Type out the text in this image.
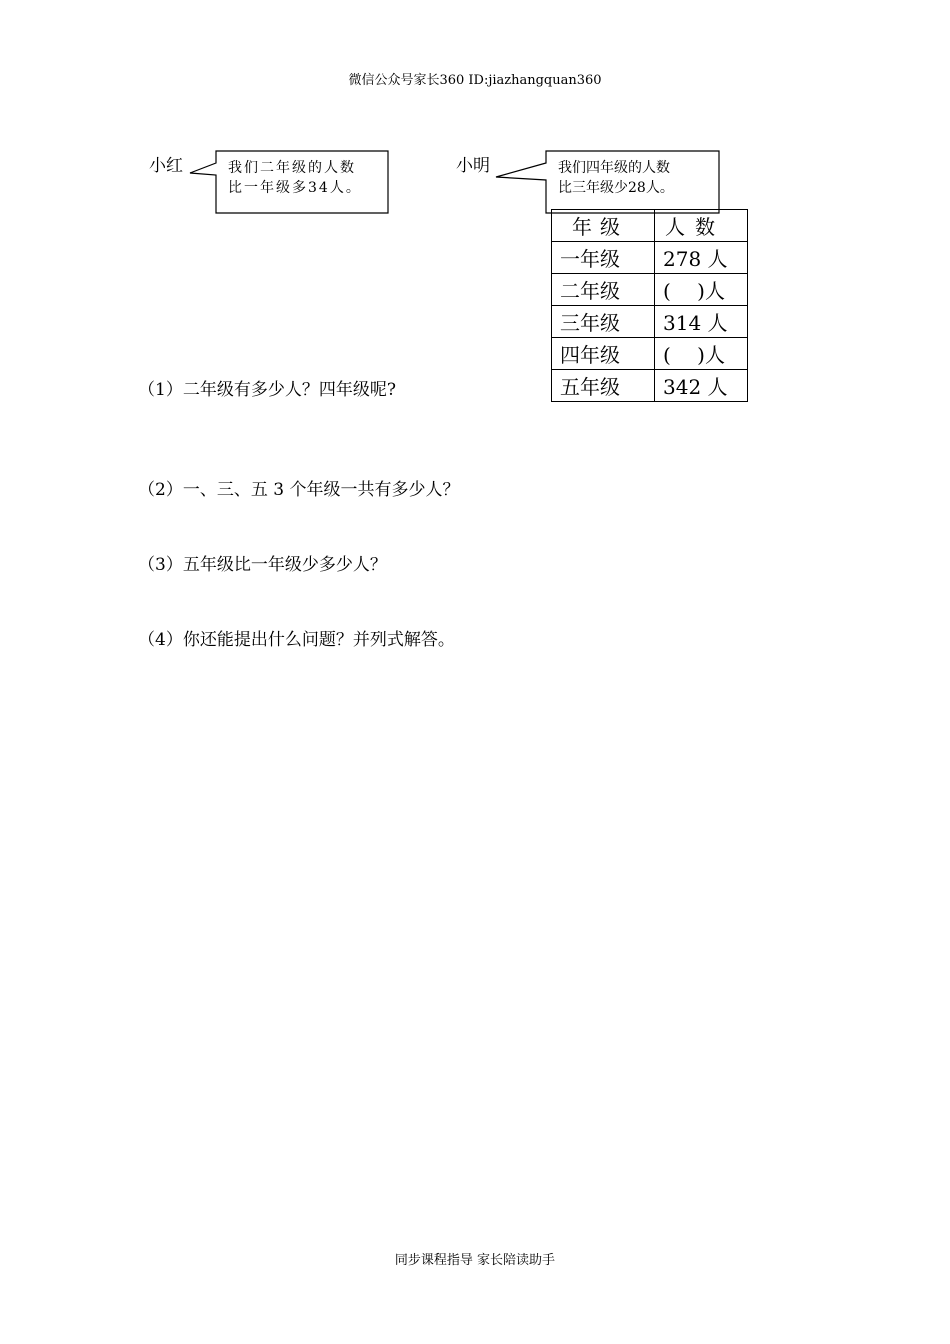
微信公众号家长360 ID:jiazhangquan360
小红	我们二年级的人数
比一年级多34人。
小明	我们四年级的人数
比三年级少28人。
年级	人数
一年级	278 人
二年级	(　 )人
三年级	314 人
四年级	(　 )人
五年级	342 人
（1）二年级有多少人？四年级呢?
（2）一、三、五 3 个年级一共有多少人？
（3）五年级比一年级少多少人？
（4）你还能提出什么问题？并列式解答。
同步课程指导 家长陪读助手
